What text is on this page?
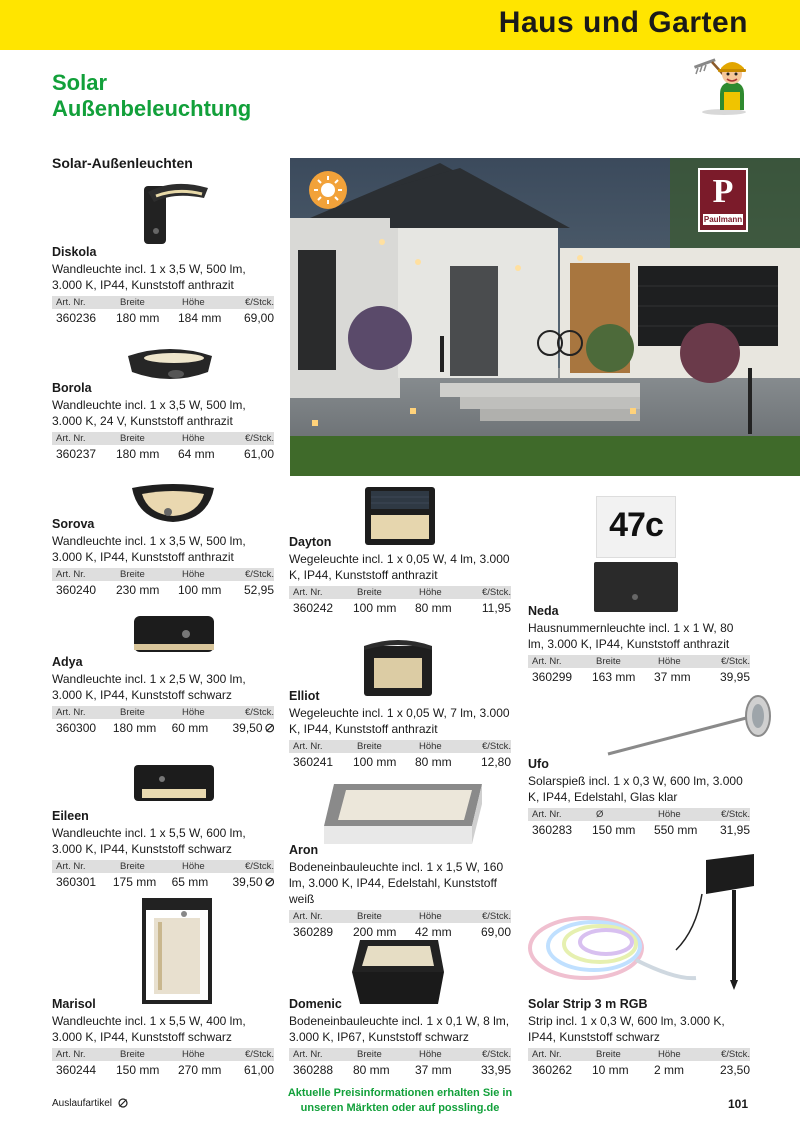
Haus und Garten
Solar
Außenbeleuchtung
Solar-Außenleuchten
P
Paulmann
47c
Diskola
Wandleuchte incl. 1 x 3,5 W, 500 lm, 3.000 K, IP44, Kunststoff anthrazit
Art. Nr.	Breite	Höhe	€/Stck.
360236	180 mm	184 mm	69,00
Borola
Wandleuchte incl. 1 x 3,5 W, 500 lm, 3.000 K, 24 V, Kunststoff anthrazit
Art. Nr.	Breite	Höhe	€/Stck.
360237	180 mm	64 mm	61,00
Sorova
Wandleuchte incl. 1 x 3,5 W, 500 lm, 3.000 K, IP44, Kunststoff anthrazit
Art. Nr.	Breite	Höhe	€/Stck.
360240	230 mm	100 mm	52,95
Adya
Wandleuchte incl. 1 x 2,5 W, 300 lm, 3.000 K, IP44, Kunststoff schwarz
Art. Nr.	Breite	Höhe	€/Stck.
360300	180 mm	60 mm	39,50
Eileen
Wandleuchte incl. 1 x 5,5 W, 600 lm, 3.000 K, IP44, Kunststoff schwarz
Art. Nr.	Breite	Höhe	€/Stck.
360301	175 mm	65 mm	39,50
Marisol
Wandleuchte incl. 1 x 5,5 W, 400 lm, 3.000 K, IP44, Kunststoff schwarz
Art. Nr.	Breite	Höhe	€/Stck.
360244	150 mm	270 mm	61,00
Dayton
Wegeleuchte incl. 1 x 0,05 W, 4 lm, 3.000 K, IP44, Kunststoff anthrazit
Art. Nr.	Breite	Höhe	€/Stck.
360242	100 mm	80 mm	11,95
Elliot
Wegeleuchte incl. 1 x 0,05 W, 7 lm, 3.000 K, IP44, Kunststoff anthrazit
Art. Nr.	Breite	Höhe	€/Stck.
360241	100 mm	80 mm	12,80
Aron
Bodeneinbauleuchte incl. 1 x 1,5 W, 160 lm, 3.000 K, IP44, Edelstahl, Kunststoff weiß
Art. Nr.	Breite	Höhe	€/Stck.
360289	200 mm	42 mm	69,00
Domenic
Bodeneinbauleuchte incl. 1 x 0,1 W, 8 lm, 3.000 K, IP67, Kunststoff schwarz
Art. Nr.	Breite	Höhe	€/Stck.
360288	80 mm	37 mm	33,95
Neda
Hausnummernleuchte incl. 1 x 1 W, 80 lm, 3.000 K, IP44, Kunststoff anthrazit
Art. Nr.	Breite	Höhe	€/Stck.
360299	163 mm	37 mm	39,95
Ufo
Solarspieß incl. 1 x 0,3 W, 600 lm, 3.000 K, IP44, Edelstahl, Glas klar
Art. Nr.	Ø	Höhe	€/Stck.
360283	150 mm	550 mm	31,95
Solar Strip 3 m RGB
Strip incl. 1 x 0,3 W, 600 lm, 3.000 K, IP44, Kunststoff schwarz
Art. Nr.	Breite	Höhe	€/Stck.
360262	10 mm	2 mm	23,50
Auslaufartikel
Aktuelle Preisinformationen erhalten Sie in
unseren Märkten oder auf possling.de	101
